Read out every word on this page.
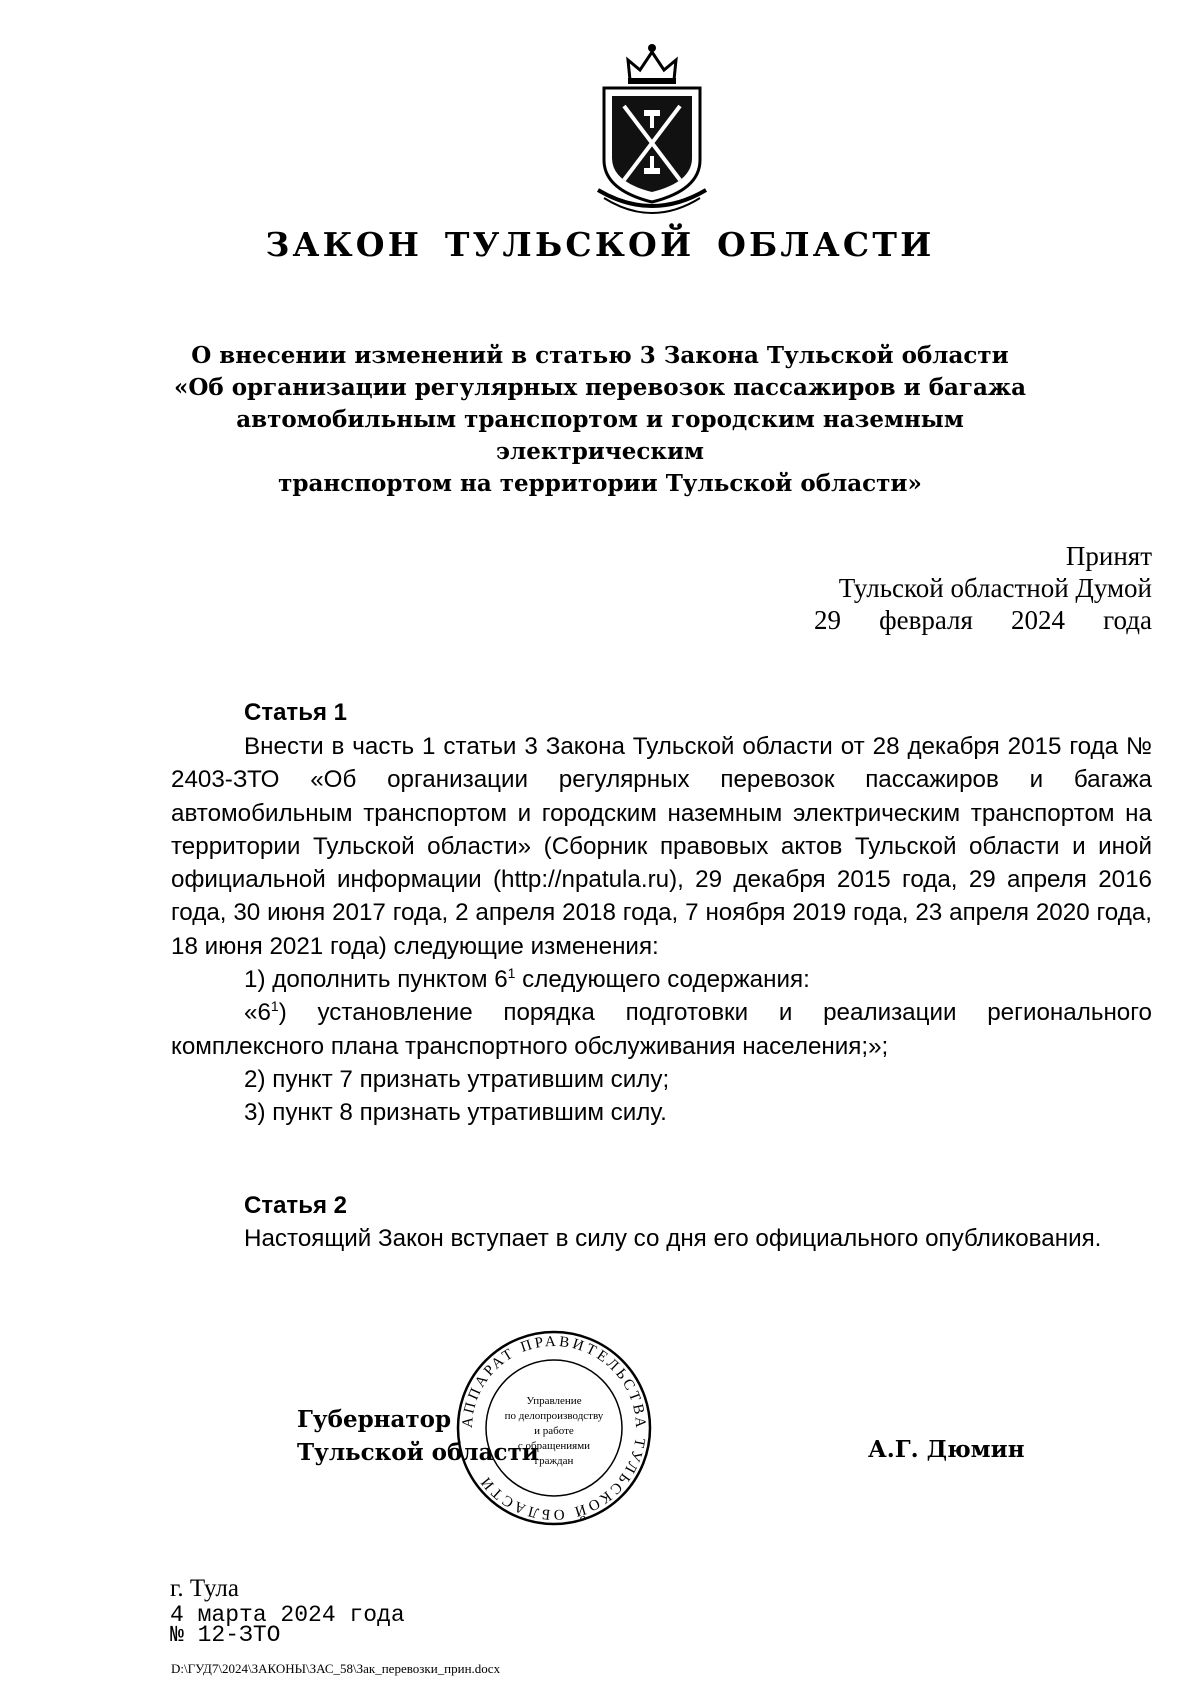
ЗАКОН ТУЛЬСКОЙ ОБЛАСТИ
О внесении изменений в статью 3 Закона Тульской области
«Об организации регулярных перевозок пассажиров и багажа
автомобильным транспортом и городским наземным электрическим
транспортом на территории Тульской области»
Принят
Тульской областной Думой
29 февраля 2024 года
Статья 1

Внести в часть 1 статьи 3 Закона Тульской области от 28 декабря 2015 года № 2403-ЗТО «Об организации регулярных перевозок пассажиров и багажа автомобильным транспортом и городским наземным электрическим транспортом на территории Тульской области» (Сборник правовых актов Тульской области и иной официальной информации (http://npatula.ru), 29 декабря 2015 года, 29 апреля 2016 года, 30 июня 2017 года, 2 апреля 2018 года, 7 ноября 2019 года, 23 апреля 2020 года, 18 июня 2021 года) следующие изменения:

1) дополнить пунктом $6^1$ следующего содержания:

«$6^1$) установление порядка подготовки и реализации регионального комплексного плана транспортного обслуживания населения;»;

2) пункт 7 признать утратившим силу;

3) пункт 8 признать утратившим силу.

Статья 2

Настоящий Закон вступает в силу со дня его официального опубликования.

АППАРАТ ПРАВИТЕЛЬСТВА ТУЛЬСКОЙ ОБЛАСТИ
Управление
по делопроизводству
и работе
с обращениями
граждан
Губернатор
Тульской области	А.Г. Дюмин
г. Тула
4 марта 2024 года
№ 12-ЗТО
D:\ГУД7\2024\ЗАКОНЫ\ЗАС_58\Зак_перевозки_прин.docx
